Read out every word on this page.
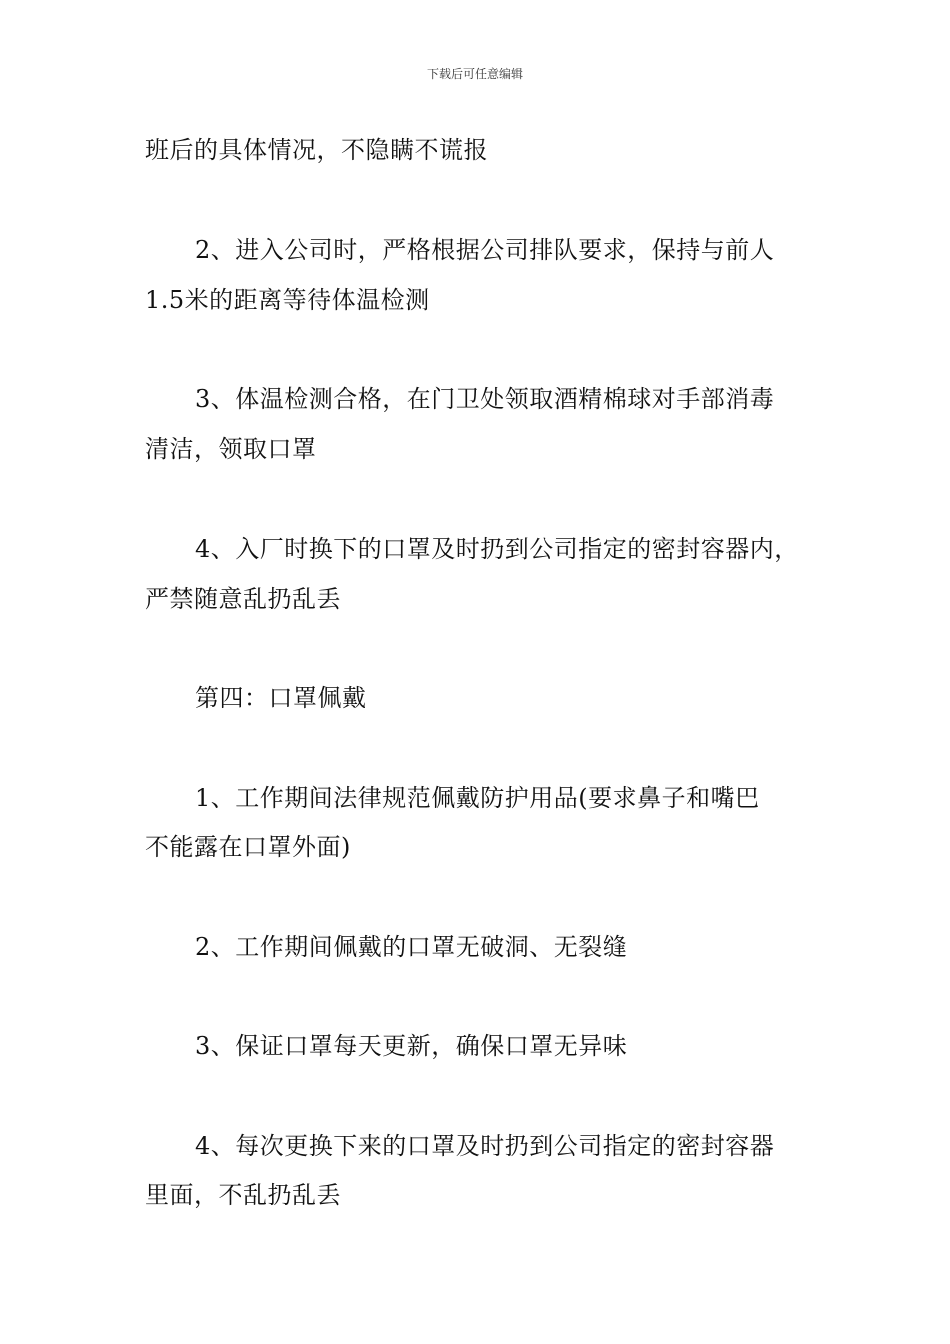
下载后可任意编辑
班后的具体情况，不隐瞒不谎报
2、进入公司时，严格根据公司排队要求，保持与前人
1.5米的距离等待体温检测
3、体温检测合格，在门卫处领取酒精棉球对手部消毒
清洁，领取口罩
4、入厂时换下的口罩及时扔到公司指定的密封容器内，
严禁随意乱扔乱丢
第四：口罩佩戴
1、工作期间法律规范佩戴防护用品(要求鼻子和嘴巴
不能露在口罩外面)
2、工作期间佩戴的口罩无破洞、无裂缝
3、保证口罩每天更新，确保口罩无异味
4、每次更换下来的口罩及时扔到公司指定的密封容器
里面，不乱扔乱丢
